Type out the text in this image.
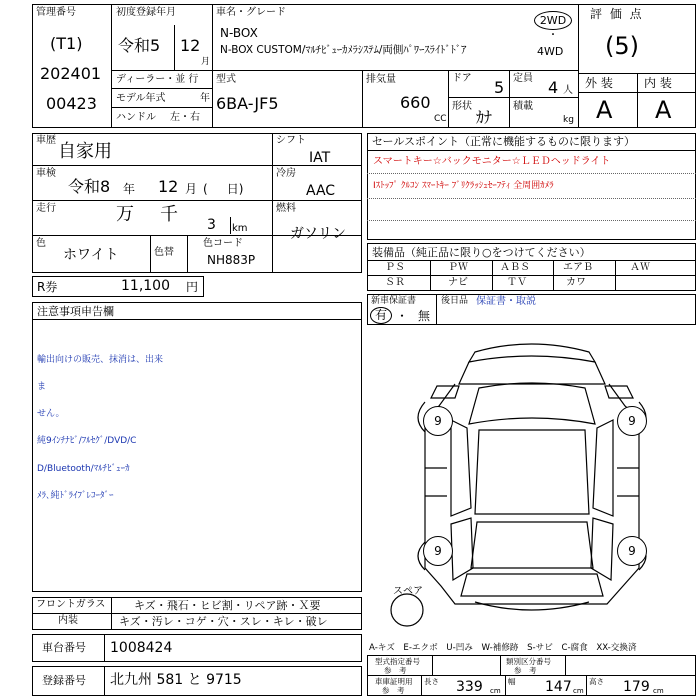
管理番号
(T1)
202401
00423
初度登録年月
令和5 12
月
ディーラー・並 行
モデル年式	年
ハンドル 左・右
車名・グレード
N-BOX
N-BOX CUSTOM/ﾏﾙﾁﾋﾞｭｰｶﾒﾗｼｽﾃﾑ/両側ﾊﾟﾜｰｽﾗｲﾄﾞﾄﾞｱ
2WD
・
4WD
型式
6BA-JF5
排気量
660
CC
ドア 5 定員 4 人
形状
ｶﾅ
積載
kg
評 価 点
(5)
外 装	内 装
A A
車歴
自家用
シフト
IAT
車検
令和8 年 12 月 (     日)
冷房
AAC
走行	万 千 3 km
燃料
ガソリン
色
ホワイト	色替
色コード
NH883P
R券	11,100 円
注意事項申告欄
輸出向けの販売、抹消は、出来
ま
せん。
純9ｲﾝﾁﾅﾋﾞ/ﾌﾙｾｸﾞ/DVD/C
D/Bluetooth/ﾏﾙﾁﾋﾞｭｰｶ
ﾒﾗ､純ﾄﾞﾗｲﾌﾞﾚｺｰﾀﾞｰ
セールスポイント（正常に機能するものに限ります）
スマートキー☆バックモニター☆ＬＥＤヘッドライト
Iｽﾄｯﾌﾟ ｸﾙｺﾝ ｽﾏｰﾄｷｰ ﾌﾞﾘｸﾗｯｼｭｾｰﾌﾃｨ 全周囲ｶﾒﾗ
装備品（純正品に限り○をつけてください）
ＰＳ	ＰＷ	ＡＢＳ	エアＢ	ＡＷ
ＳＲ	ナビ	ＴＶ	カワ
新車保証書
有 ・ 無
後日品 保証書・取説
9	9
9	9
スペア
フロントガラス	キズ・飛石・ヒビ割・リペア跡・Ｘ要
内装	キズ・汚レ・コゲ・穴・スレ・キレ・破レ
車台番号 1008424
登録番号 北九州 581 と 9715
A-キズ　E-エクボ　U-凹み　W-補修跡　S-サビ　C-腐食　XX-交換済
型式指定番号
参　考
類別区分番号
参　考
車庫証明用
参　考
長さ 339 cm
幅 147 cm
高さ 179 cm
